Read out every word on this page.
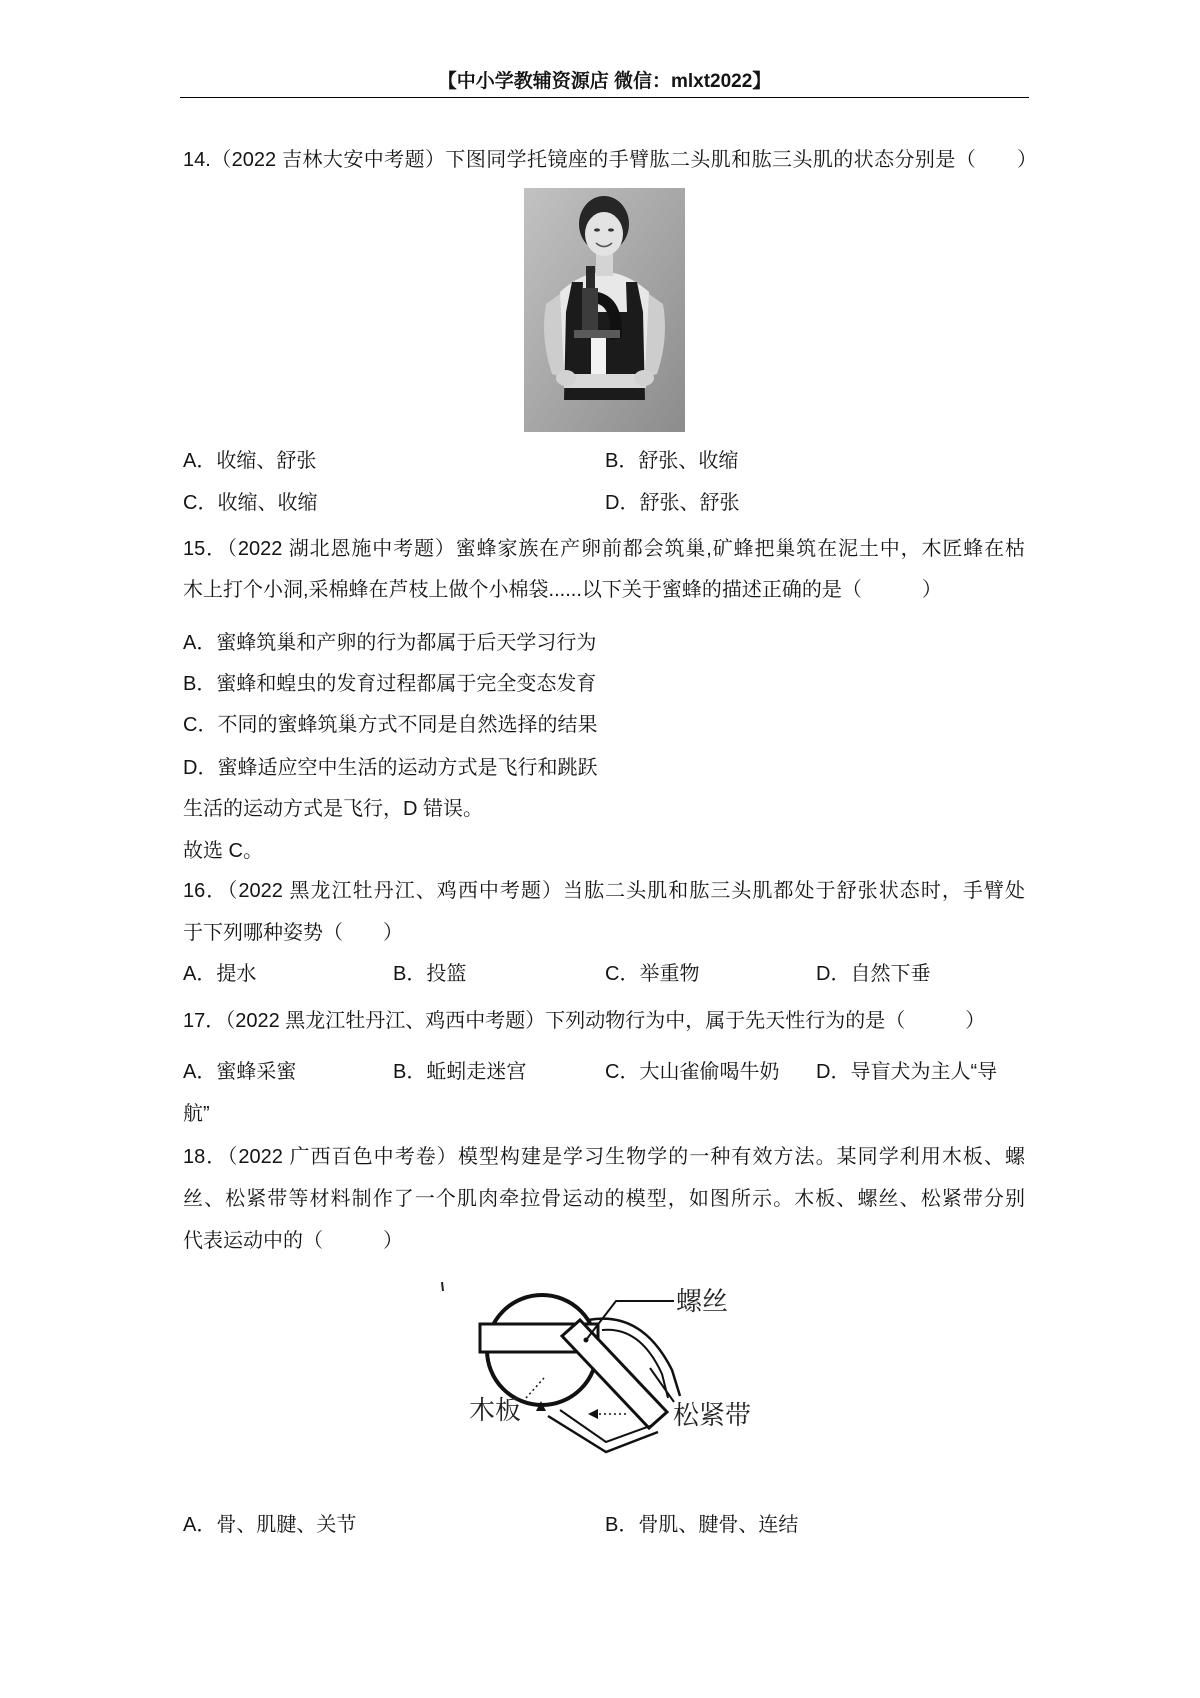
【中小学教辅资源店 微信：mlxt2022】
14.（2022 吉林大安中考题）下图同学托镜座的手臂肱二头肌和肱三头肌的状态分别是（　　）
A．收缩、舒张	B．舒张、收缩
C．收缩、收缩	D．舒张、舒张
15．（2022 湖北恩施中考题）蜜蜂家族在产卵前都会筑巢,矿蜂把巢筑在泥土中，木匠蜂在枯
木上打个小洞,采棉蜂在芦枝上做个小棉袋......以下关于蜜蜂的描述正确的是（　　　）
A．蜜蜂筑巢和产卵的行为都属于后天学习行为
B．蜜蜂和蝗虫的发育过程都属于完全变态发育
C．不同的蜜蜂筑巢方式不同是自然选择的结果
D．蜜蜂适应空中生活的运动方式是飞行和跳跃
生活的运动方式是飞行，D 错误。
故选 C。
16．（2022 黑龙江牡丹江、鸡西中考题）当肱二头肌和肱三头肌都处于舒张状态时，手臂处
于下列哪种姿势（　　）
A．提水	B．投篮	C．举重物	D．自然下垂
17．（2022 黑龙江牡丹江、鸡西中考题）下列动物行为中，属于先天性行为的是（　　　）
A．蜜蜂采蜜	B．蚯蚓走迷宫	C．大山雀偷喝牛奶	D．导盲犬为主人“导航”
18．（2022 广西百色中考卷）模型构建是学习生物学的一种有效方法。某同学利用木板、螺
丝、松紧带等材料制作了一个肌肉牵拉骨运动的模型，如图所示。木板、螺丝、松紧带分别
代表运动中的（　　　）
螺丝
木板	松紧带
A．骨、肌腱、关节	B．骨肌、腱骨、连结
